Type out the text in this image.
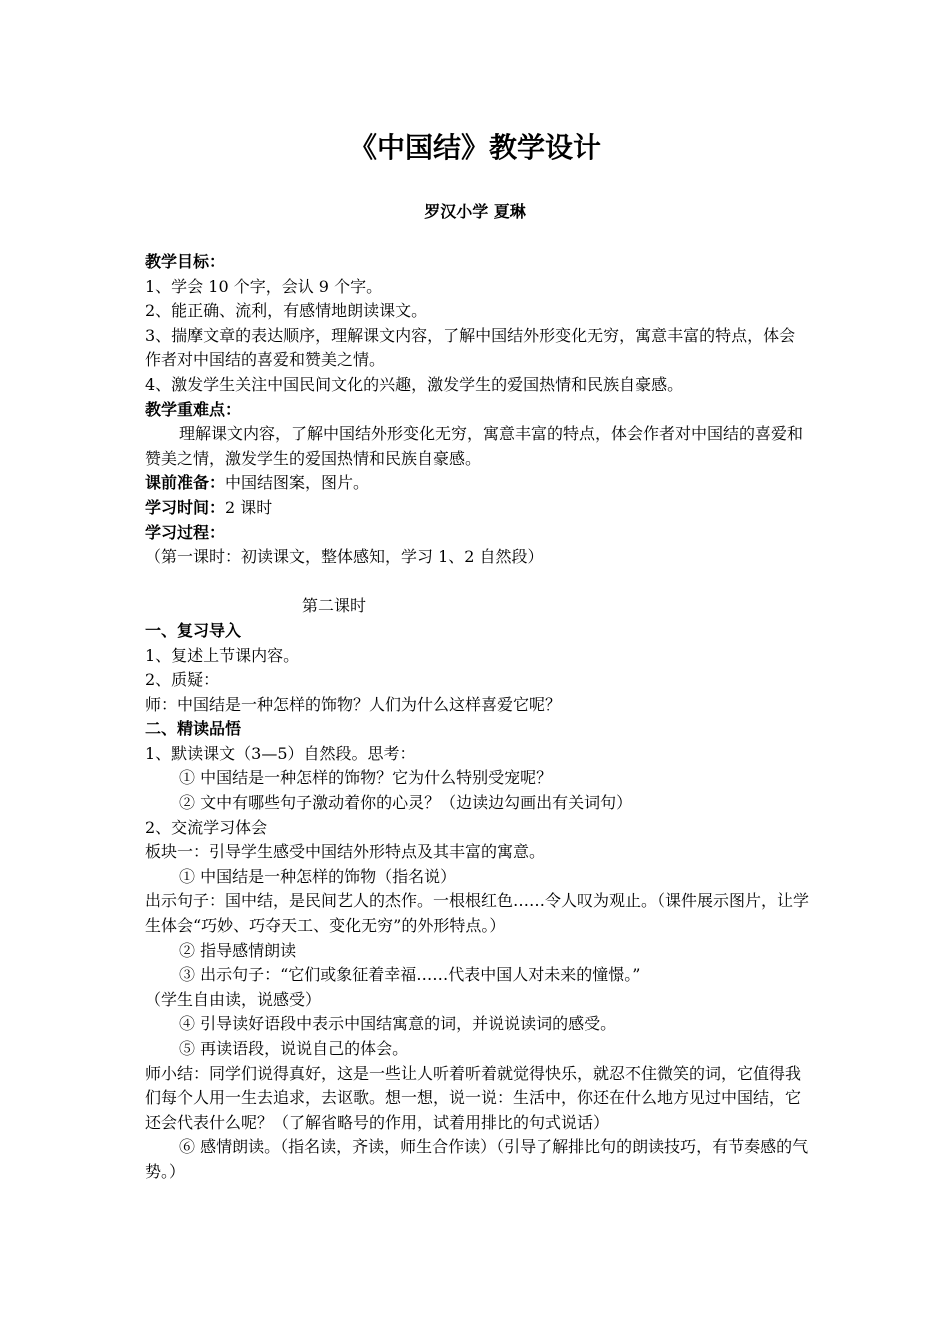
《中国结》教学设计
罗汉小学 夏琳

教学目标：

1、学会 10 个字，会认 9 个字。

2、能正确、流利，有感情地朗读课文。

3、揣摩文章的表达顺序，理解课文内容，了解中国结外形变化无穷，寓意丰富的特点，体会作者对中国结的喜爱和赞美之情。

4、激发学生关注中国民间文化的兴趣，激发学生的爱国热情和民族自豪感。

教学重难点：

理解课文内容，了解中国结外形变化无穷，寓意丰富的特点，体会作者对中国结的喜爱和赞美之情，激发学生的爱国热情和民族自豪感。

课前准备：中国结图案，图片。

学习时间：2 课时

学习过程：

（第一课时：初读课文，整体感知，学习 1、2 自然段）

第二课时

一、复习导入

1、复述上节课内容。

2、质疑：

师：中国结是一种怎样的饰物？人们为什么这样喜爱它呢？

二、精读品悟

1、默读课文（3—5）自然段。思考：

① 中国结是一种怎样的饰物？它为什么特别受宠呢？

② 文中有哪些句子激动着你的心灵？（边读边勾画出有关词句）

2、交流学习体会

板块一：引导学生感受中国结外形特点及其丰富的寓意。

① 中国结是一种怎样的饰物（指名说）

出示句子：国中结，是民间艺人的杰作。一根根红色……令人叹为观止。（课件展示图片，让学生体会“巧妙、巧夺天工、变化无穷”的外形特点。）

② 指导感情朗读

③ 出示句子：“它们或象征着幸福……代表中国人对未来的憧憬。”

（学生自由读，说感受）

④ 引导读好语段中表示中国结寓意的词，并说说读词的感受。

⑤ 再读语段，说说自己的体会。

师小结：同学们说得真好，这是一些让人听着听着就觉得快乐，就忍不住微笑的词，它值得我们每个人用一生去追求，去讴歌。想一想，说一说：生活中，你还在什么地方见过中国结，它还会代表什么呢？（了解省略号的作用，试着用排比的句式说话）

⑥ 感情朗读。（指名读，齐读，师生合作读）（引导了解排比句的朗读技巧，有节奏感的气势。）
